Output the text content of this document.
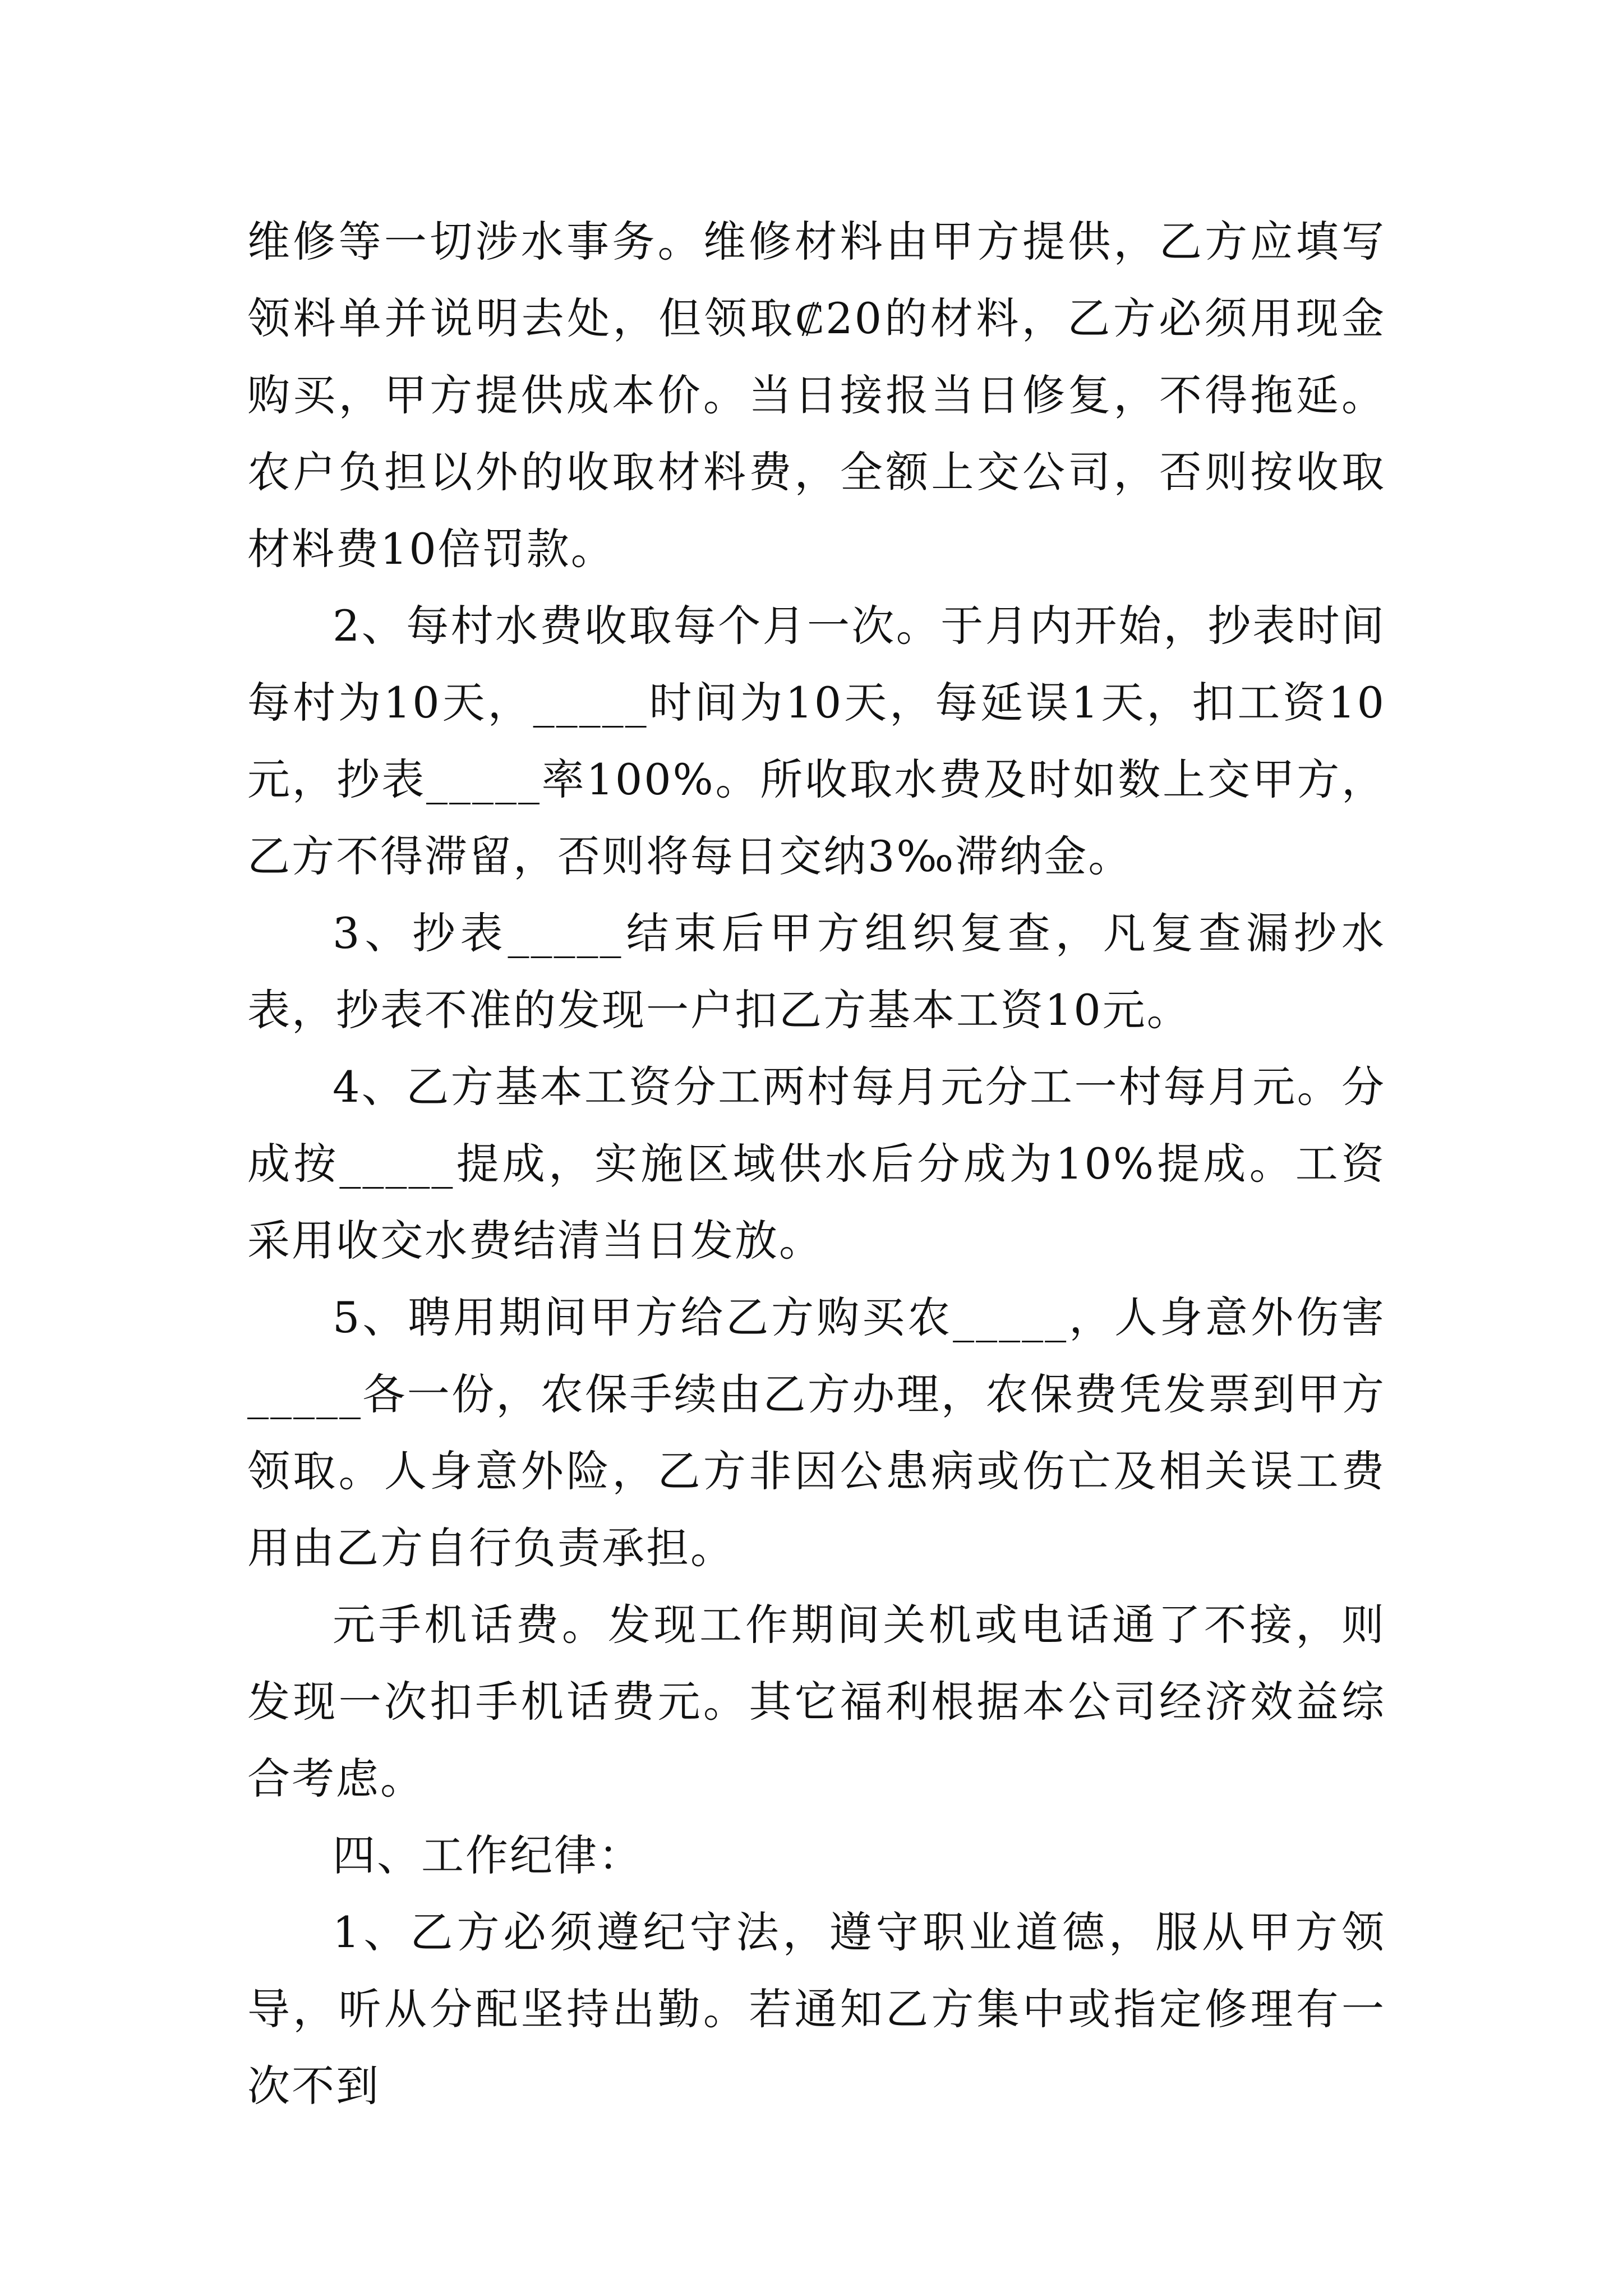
维修等一切涉水事务。维修材料由甲方提供，乙方应填写领料单并说明去处，但领取₡20的材料，乙方必须用现金购买，甲方提供成本价。当日接报当日修复，不得拖延。农户负担以外的收取材料费，全额上交公司，否则按收取材料费10倍罚款。

2、每村水费收取每个月一次。于月内开始，抄表时间每村为10天，_____时间为10天，每延误1天，扣工资10元，抄表_____率100%。所收取水费及时如数上交甲方，乙方不得滞留，否则将每日交纳3‰滞纳金。

3、抄表_____结束后甲方组织复查，凡复查漏抄水表，抄表不准的发现一户扣乙方基本工资10元。

4、乙方基本工资分工两村每月元分工一村每月元。分成按_____提成，实施区域供水后分成为10%提成。工资采用收交水费结清当日发放。

5、聘用期间甲方给乙方购买农_____，人身意外伤害_____各一份，农保手续由乙方办理，农保费凭发票到甲方领取。人身意外险，乙方非因公患病或伤亡及相关误工费用由乙方自行负责承担。

元手机话费。发现工作期间关机或电话通了不接，则发现一次扣手机话费元。其它福利根据本公司经济效益综合考虑。

四、工作纪律：

1、乙方必须遵纪守法，遵守职业道德，服从甲方领导，听从分配坚持出勤。若通知乙方集中或指定修理有一次不到
